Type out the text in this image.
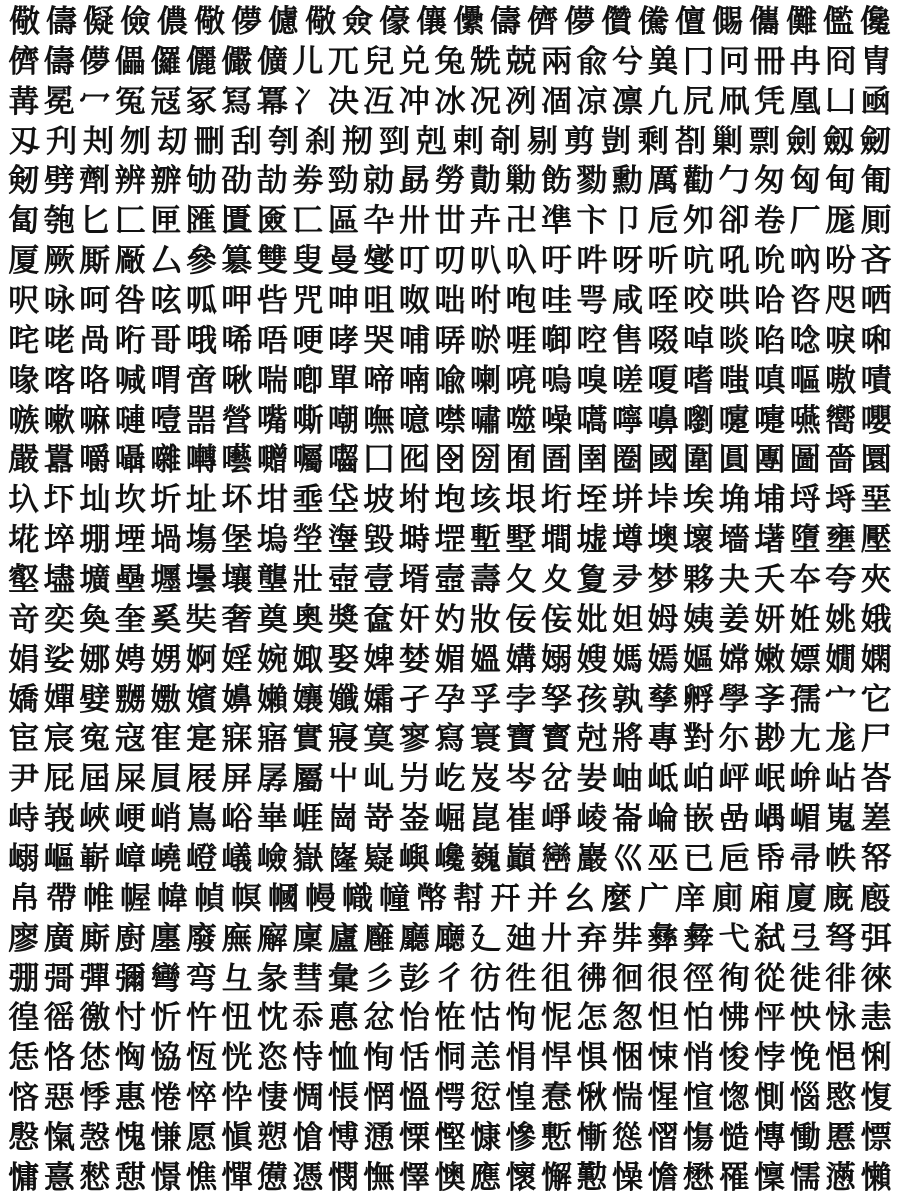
儆 儔 儗 儉 儂 儆 儚 儢 儆 僉 儫 儴 儽 儔 儕 儚 儹 儯 儃 儩 儶 儺 儖 儳
儕 儔 儚 儡 儸 儷 儼 儣 儿 兀 兒 兑 兔 兟 兢 兩 兪 兮 兾 冂 冋 冊 冉 冏 冑
冓 冕 冖 冤 冦 冢 冩 冪 冫 决 冱 冲 冰 况 冽 凅 凉 凛 凢 凥 凧 凭 凰 凵 凾
刄 刋 刔 刎 刧 刪 刮 刳 刹 剏 剄 剋 剌 剞 剔 剪 剴 剩 剳 剿 剽 劍 劔 劒
剱 劈 劑 辨 辧 劬 劭 劼 劵 勁 勍 勗 勞 勣 勦 飭 勠 勳 厲 勸 勹 匆 匈 甸 匍
匐 匏 匕 匚 匣 匯 匱 匳 匸 區 卆 卅 丗 卉 卍 凖 卞 卩 卮 夘 卻 卷 厂 厖 厠
厦 厥 厮 厰 厶 參 簒 雙 叟 曼 燮 叮 叨 叭 叺 吁 吽 呀 听 吭 吼 吮 吶 吩 吝
呎 咏 呵 咎 呟 呱 呷 呰 咒 呻 咀 呶 咄 咐 咆 哇 咢 咸 咥 咬 哄 哈 咨 咫 哂
咤 咾 咼 哘 哥 哦 唏 唔 哽 哮 哭 哺 哢 唹 啀 啣 啌 售 啜 啅 啖 啗 唸 唳 啝
喙 喀 咯 喊 喟 啻 啾 喘 喞 單 啼 喃 喩 喇 喨 嗚 嗅 嗟 嗄 嗜 嗤 嗔 嘔 嗷 嘖
嗾 嗽 嘛 嗹 噎 噐 營 嘴 嘶 嘲 嘸 噫 噤 嘯 噬 噪 嚆 嚀 嚊 嚠 嚔 嚏 嚥 嚮 嚶
嚴 囂 嚼 囁 囃 囀 囈 囎 囑 囓 囗 囮 囹 圀 囿 圄 圉 圈 國 圍 圓 團 圖 嗇 圜
圦 圷 圸 坎 圻 址 坏 坩 埀 垈 坡 坿 垉 垓 垠 垳 垤 垪 垰 埃 埆 埔 埒 埓 堊
埖 埣 堋 堙 堝 塲 堡 塢 塋 塰 毀 塒 堽 塹 墅 墹 墟 墫 墺 壞 墻 墸 墮 壅 壓
壑 壗 壙 壘 壥 壜 壤 壟 壯 壺 壹 壻 壼 壽 夂 夊 夐 夛 梦 夥 夬 夭 夲 夸 夾
竒 奕 奐 奎 奚 奘 奢 奠 奧 奬 奩 奸 妁 妝 佞 侫 妣 妲 姆 姨 姜 妍 姙 姚 娥
娟 娑 娜 娉 娚 婀 婬 婉 娵 娶 婢 婪 媚 媼 媾 嫋 嫂 媽 嫣 嫗 嫦 嫩 嫖 嫺 嫻
嬌 嬋 嬖 嬲 嫐 嬪 嬶 嬾 孃 孅 孀 孑 孕 孚 孛 孥 孩 孰 孳 孵 學 斈 孺 宀 它
宦 宸 寃 寇 寉 寔 寐 寤 實 寢 寞 寥 寫 寰 寶 寳 尅 將 專 對 尓 尠 尢 尨 尸
尹 屁 屆 屎 屓 屐 屏 孱 屬 屮 乢 屶 屹 岌 岑 岔 妛 岫 岻 岶 岼 岷 峅 岾 峇
峙 峩 峽 峺 峭 嶌 峪 崋 崕 崗 嵜 崟 崛 崑 崔 崢 崚 崙 崘 嵌 嵒 嵎 嵋 嵬 嵳
嵶 嶇 嶄 嶂 嶢 嶝 嶬 嶮 嶽 嶐 嶷 嶼 巉 巍 巓 巒 巖 巛 巫 已 巵 帋 帚 帙 帑
帛 帶 帷 幄 幃 幀 幎 幗 幔 幟 幢 幤 幇 幵 并 幺 麼 广 庠 廁 廂 廈 廐 廏
廖 廣 廝 廚 廛 廢 廡 廨 廩 廬 廱 廳 廰 廴 廸 廾 弃 弉 彝 彜 弋 弑 弖 弩 弭
弸 彁 彈 彌 彎 弯 彑 彖 彗 彙 彡 彭 彳 彷 徃 徂 彿 徊 很 徑 徇 從 徙 徘 徠
徨 徭 徼 忖 忻 忤 忸 忱 忝 悳 忿 怡 恠 怙 怐 怩 怎 怱 怛 怕 怫 怦 怏 怺 恚
恁 恪 恷 恟 恊 恆 恍 恣 恃 恤 恂 恬 恫 恙 悁 悍 惧 悃 悚 悄 悛 悖 悗 悒 悧
悋 惡 悸 惠 惓 悴 忰 悽 惆 悵 惘 慍 愕 愆 惶 惷 愀 惴 惺 愃 愡 惻 惱 愍 愎
慇 愾 愨 愧 慊 愿 愼 愬 愴 愽 慂 慄 慳 慷 慘 慙 慚 慫 慴 慯 慥 慱 慟 慝 慓
慵 憙 憖 憇 憬 憔 憚 憊 憑 憫 憮 懌 懊 應 懷 懈 懃 懆 憺 懋 罹 懍 懦 懣 懶
